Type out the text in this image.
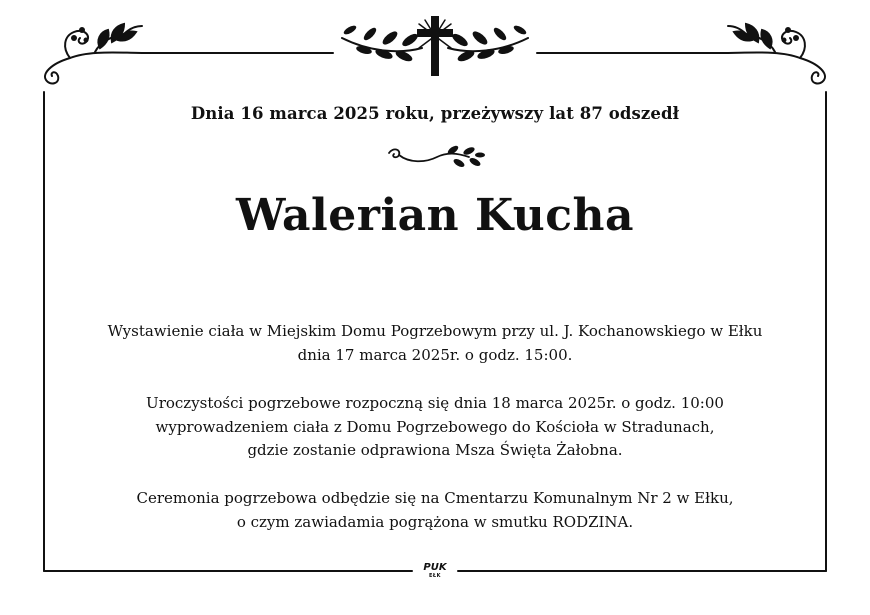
Dnia 16 marca 2025 roku, przeżywszy lat 87 odszedł
Walerian Kucha
Wystawienie ciała w Miejskim Domu Pogrzebowym przy ul. J. Kochanowskiego w Ełku
dnia 17 marca 2025r. o godz. 15:00.
Uroczystości pogrzebowe rozpoczną się dnia 18 marca 2025r. o godz. 10:00
wyprowadzeniem ciała z Domu Pogrzebowego do Kościoła w Stradunach,
gdzie zostanie odprawiona Msza Święta Żałobna.
Ceremonia pogrzebowa odbędzie się na Cmentarzu Komunalnym Nr 2 w Ełku,
o czym zawiadamia pogrążona w smutku RODZINA.
PUK
EŁK
